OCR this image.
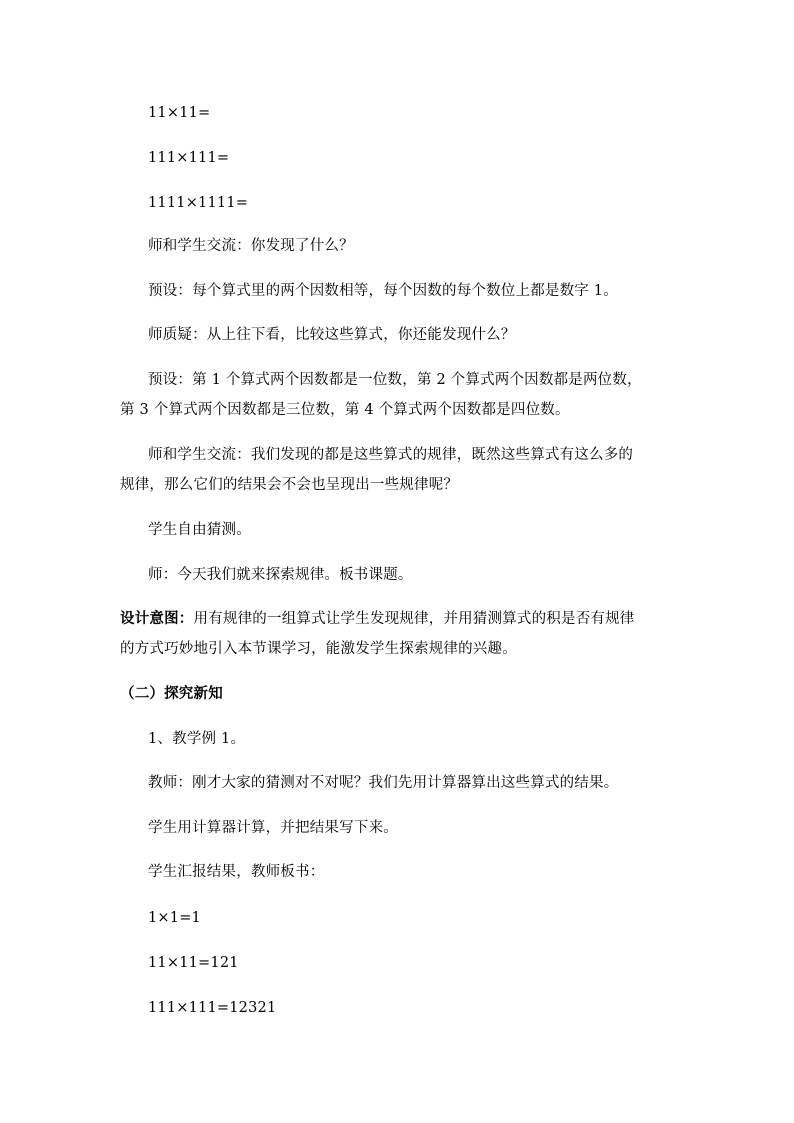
11×11=
111×111=
1111×1111=
师和学生交流：你发现了什么？
预设：每个算式里的两个因数相等，每个因数的每个数位上都是数字 1。
师质疑：从上往下看，比较这些算式，你还能发现什么？
预设：第 1 个算式两个因数都是一位数，第 2 个算式两个因数都是两位数，
第 3 个算式两个因数都是三位数，第 4 个算式两个因数都是四位数。
师和学生交流：我们发现的都是这些算式的规律，既然这些算式有这么多的
规律，那么它们的结果会不会也呈现出一些规律呢？
学生自由猜测。
师：今天我们就来探索规律。板书课题。
设计意图：用有规律的一组算式让学生发现规律，并用猜测算式的积是否有规律
的方式巧妙地引入本节课学习，能激发学生探索规律的兴趣。
（二）探究新知
1、教学例 1。
教师：刚才大家的猜测对不对呢？我们先用计算器算出这些算式的结果。
学生用计算器计算，并把结果写下来。
学生汇报结果，教师板书：
1×1=1
11×11=121
111×111=12321
